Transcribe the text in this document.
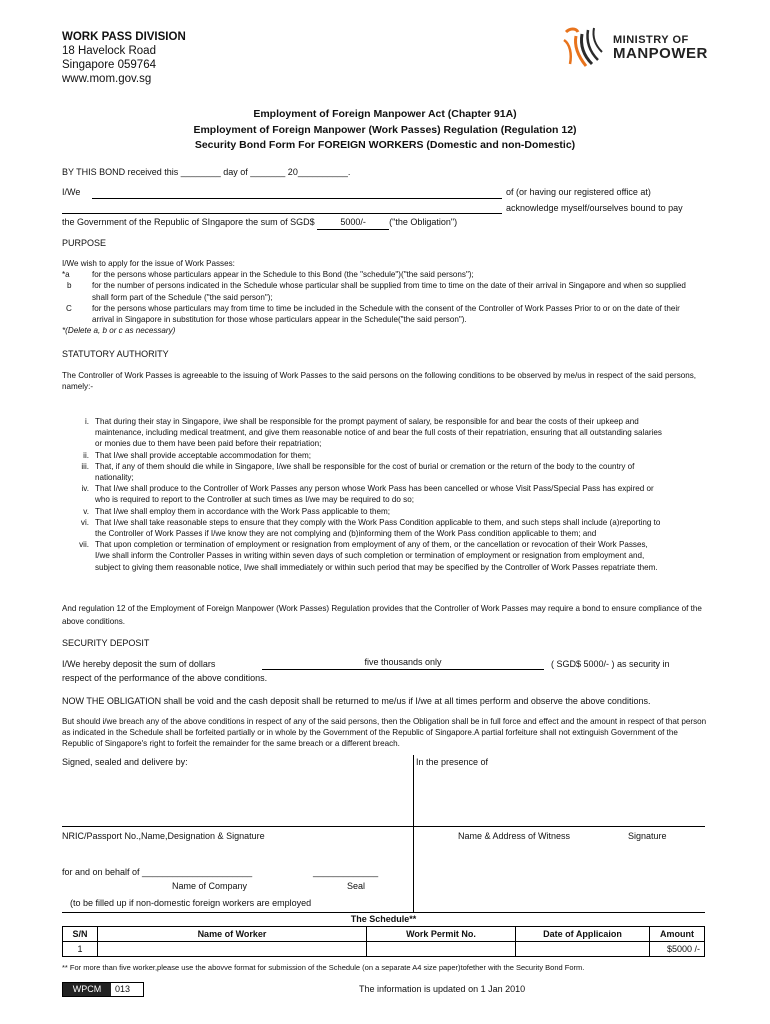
WORK PASS DIVISION
18 Havelock Road
Singapore 059764
www.mom.gov.sg
MINISTRY OF
MANPOWER
Employment of Foreign Manpower Act (Chapter 91A)
Employment of Foreign Manpower (Work Passes) Regulation (Regulation 12)
Security Bond Form For FOREIGN WORKERS (Domestic and non-Domestic)
BY THIS BOND received this ________ day of _______ 20__________.
I/We	of (or having our registered office at)
acknowledge myself/ourselves bound to pay
the Government of the Republic of SIngapore the sum of SGD$	5000/-	("the Obligation")
PURPOSE
I/We wish to apply for the issue of Work Passes:
*a	for the persons whose particulars appear in the Schedule to this Bond (the "schedule")("the said persons");
b	for the number of persons indicated in the Schedule whose particular shall be supplied from time to time on the date of their arrival in Singapore and when so supplied shall form part of the Schedule ("the said person");
C for the persons whose particulars may from time to time be included in the Schedule with the consent of the Controller of Work Passes Prior to or on the date of their arrival in Singapore in substitution for those whose particulars appear in the Schedule("the said person").
*(Delete a, b or c as necessary)
STATUTORY AUTHORITY
The Controller of Work Passes is agreeable to the issuing of Work Passes to the said persons on the following conditions to be observed by me/us in respect of the said persons, namely:-
i. That during their stay in Singapore, i/we shall be responsible for the prompt payment of salary, be responsible for and bear the costs of their upkeep and maintenance, including medical treatment, and give them reasonable notice of and bear the full costs of their repatriation, ensuring that all outstanding salaries or monies due to them have been paid before their repatriation;
ii. That I/we shall provide acceptable accommodation for them;
iii. That, if any of them should die while in Singapore, I/we shall be responsible for the cost of burial or cremation or the return of the body to the country of nationality;
iv. That I/we shall produce to the Controller of Work Passes any person whose Work Pass has been cancelled or whose Visit Pass/Special Pass has expired or who is required to report to the Controller at such times as I/we may be required to do so;
v. That I/we shall employ them in accordance with the Work Pass applicable to them;
vi. That I/we shall take reasonable steps to ensure that they comply with the Work Pass Condition applicable to them, and such steps shall include (a)reporting to the Controller of Work Passes if I/we know they are not complying and (b)informing them of the Work Pass condition applicable to them; and
vii. That upon completion or termination of employment or resignation from employment of any of them, or the cancellation or revocation of their Work Passes, I/we shall inform the Controller Passes in writing within seven days of such completion or termination of employment or resignation from employment and, subject to giving them reasonable notice, I/we shall immediately or within such period that may be specified by the Controller of Work Passes repatriate them.
And regulation 12 of the Employment of Foreign Manpower (Work Passes) Regulation provides that the Controller of Work Passes may require a bond to ensure compliance of the above conditions.
SECURITY DEPOSIT
I/We hereby deposit the sum of dollars	five thousands only	( SGD$ 5000/- ) as security in
respect of the performance of the above conditions.
NOW THE OBLIGATION shall be void and the cash deposit shall be returned to me/us if I/we at all times perform and observe the above conditions.
But should i/we breach any of the above conditions in respect of any of the said persons, then the Obligation shall be in full force and effect and the amount in respect of that person as indicated in the Schedule shall be forfeited partially or in whole by the Government of the Republic of Singapore.A partial forfeiture shall not extinguish Government of the Republic of Singapore's right to forfeit the remainder for the same breach or a different breach.
Signed, sealed and delivere by:	In the presence of
NRIC/Passport No.,Name,Designation & Signature	Name & Address of Witness	Signature
for and on behalf of ______________________	_____________
Name of Company	Seal
(to be filled up if non-domestic foreign workers are employed
The Schedule**
S/N	Name of Worker	Work Permit No.	Date of Applicaion	Amount
1				$5000 /-
** For more than five worker,please use the abovve format for submission of the Schedule (on a separate A4 size paper)tofether with the Security Bond Form.
WPCM	013	The information is updated on 1 Jan 2010
